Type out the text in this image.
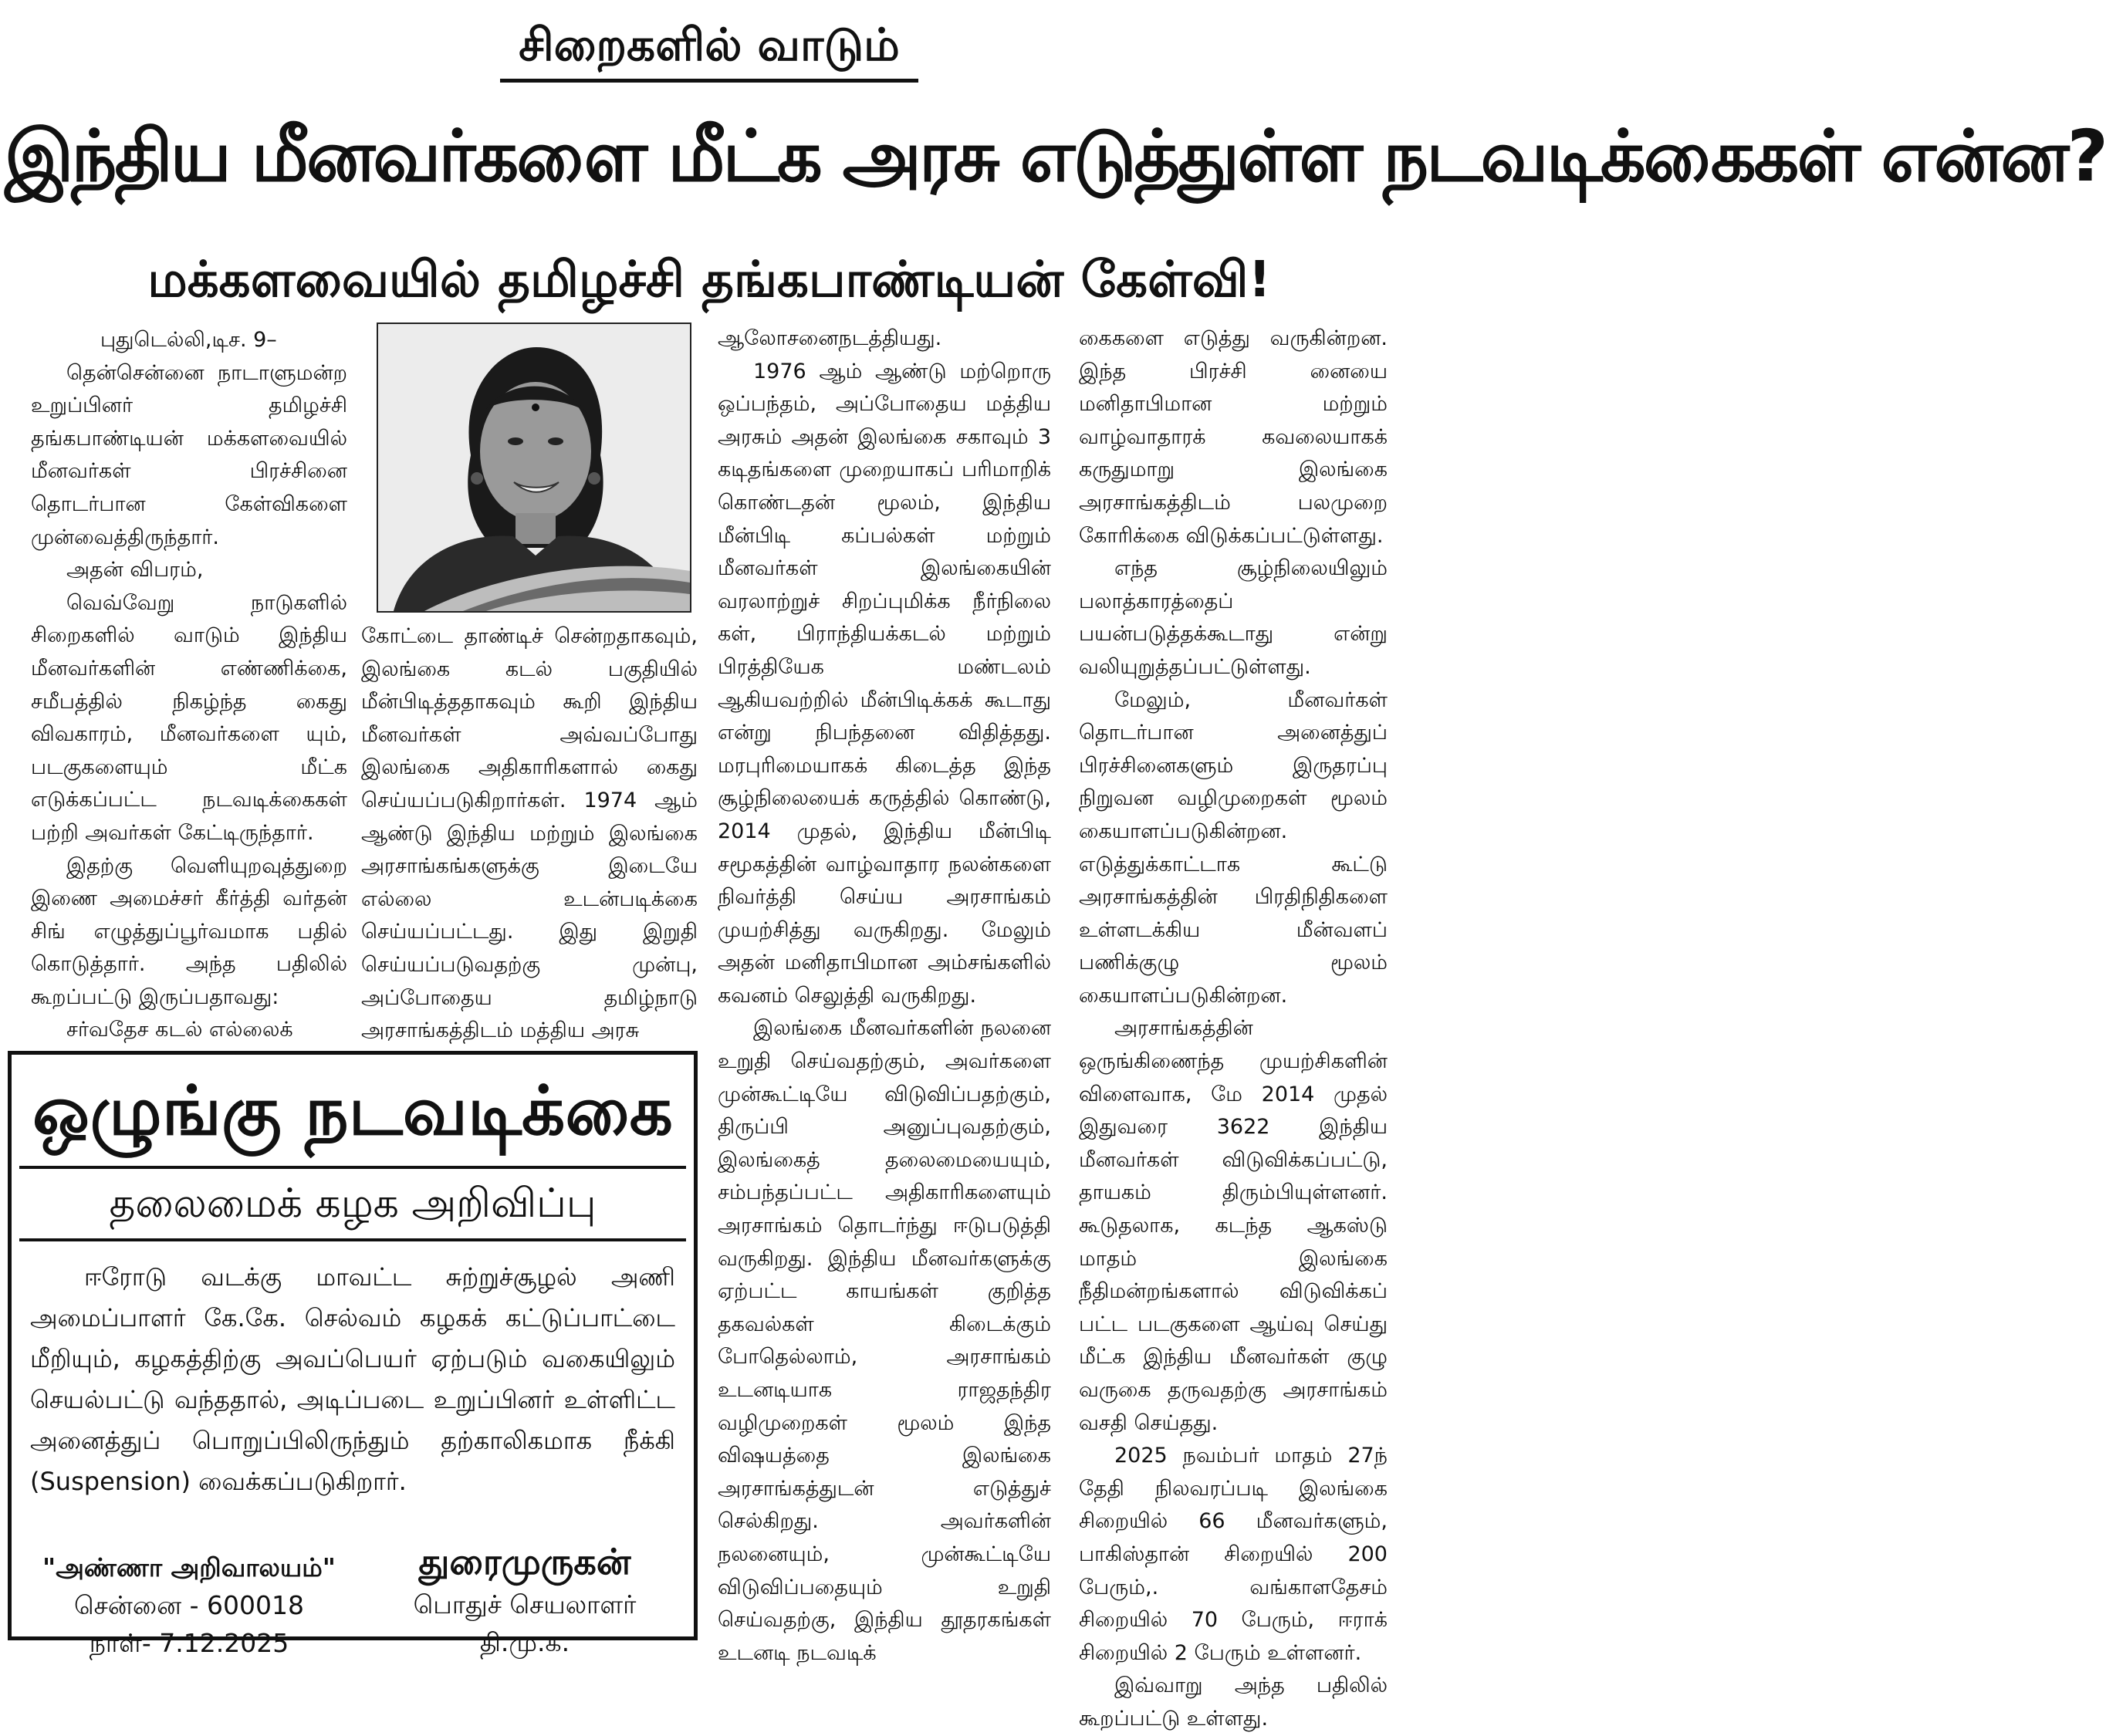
சிறைகளில் வாடும்
இந்திய மீனவர்களை மீட்க அரசு எடுத்துள்ள நடவடிக்கைகள் என்ன?
மக்களவையில் தமிழச்சி தங்கபாண்டியன் கேள்வி!

புதுடெல்லி,டிச. 9–

தென்சென்னை நாடாளுமன்ற உறுப்பினர் தமிழச்சி தங்கபாண்டியன் மக்களவையில் மீனவர்கள் பிரச்சினை தொடர்பான கேள்விகளை முன்வைத்திருந்தார்.

அதன் விபரம்,

வெவ்வேறு நாடுகளில் சிறைகளில் வாடும் இந்திய மீனவர்களின் எண்ணிக்கை, சமீபத்தில் நிகழ்ந்த கைது விவகாரம், மீனவர்களை யும், படகுகளையும் மீட்க எடுக்கப்பட்ட நடவடிக்கைகள் பற்றி அவர்கள் கேட்டிருந்தார்.

இதற்கு வெளியுறவுத்துறை இணை அமைச்சர் கீர்த்தி வர்தன் சிங் எழுத்துப்பூர்வமாக பதில் கொடுத்தார். அந்த பதிலில் கூறப்பட்டு இருப்பதாவது:

சர்வதேச கடல் எல்லைக்

கோட்டை தாண்டிச் சென்றதாகவும், இலங்கை கடல் பகுதியில் மீன்பிடித்ததாகவும் கூறி இந்திய மீனவர்கள் அவ்வப்போது இலங்கை அதிகாரிகளால் கைது செய்யப்படுகிறார்கள். 1974 ஆம் ஆண்டு இந்திய மற்றும் இலங்கை அரசாங்கங்களுக்கு இடையே எல்லை உடன்படிக்கை செய்யப்பட்டது. இது இறுதி செய்யப்படுவதற்கு முன்பு, அப்போதைய தமிழ்நாடு அரசாங்கத்திடம் மத்திய அரசு

ஆலோசனைநடத்தியது.

1976 ஆம் ஆண்டு மற்றொரு ஒப்பந்தம், அப்போதைய மத்திய அரசும் அதன் இலங்கை சகாவும் 3 கடிதங்களை முறையாகப் பரிமாறிக் கொண்டதன் மூலம், இந்திய மீன்பிடி கப்பல்கள் மற்றும் மீனவர்கள் இலங்கையின் வரலாற்றுச் சிறப்புமிக்க நீர்நிலை கள், பிராந்தியக்கடல் மற்றும் பிரத்தியேக மண்டலம் ஆகியவற்றில் மீன்பிடிக்கக் கூடாது என்று நிபந்தனை விதித்தது. மரபுரிமையாகக் கிடைத்த இந்த சூழ்நிலையைக் கருத்தில் கொண்டு, 2014 முதல், இந்திய மீன்பிடி சமூகத்தின் வாழ்வாதார நலன்களை நிவர்த்தி செய்ய அரசாங்கம் முயற்சித்து வருகிறது. மேலும் அதன் மனிதாபிமான அம்சங்களில் கவனம் செலுத்தி வருகிறது.

இலங்கை மீனவர்களின் நலனை உறுதி செய்வதற்கும், அவர்களை முன்கூட்டியே விடுவிப்பதற்கும், திருப்பி அனுப்புவதற்கும், இலங்கைத் தலைமையையும், சம்பந்தப்பட்ட அதிகாரிகளையும் அரசாங்கம் தொடர்ந்து ஈடுபடுத்தி வருகிறது. இந்திய மீனவர்களுக்கு ஏற்பட்ட காயங்கள் குறித்த தகவல்கள் கிடைக்கும் போதெல்லாம், அரசாங்கம் உடனடியாக ராஜதந்திர வழிமுறைகள் மூலம் இந்த விஷயத்தை இலங்கை அரசாங்கத்துடன் எடுத்துச் செல்கிறது. அவர்களின் நலனையும், முன்கூட்டியே விடுவிப்பதையும் உறுதி செய்வதற்கு, இந்திய தூதரகங்கள் உடனடி நடவடிக்

கைகளை எடுத்து வருகின்றன. இந்த பிரச்சி னையை மனிதாபிமான மற்றும் வாழ்வாதாரக் கவலையாகக் கருதுமாறு இலங்கை அரசாங்கத்திடம் பலமுறை கோரிக்கை விடுக்கப்பட்டுள்ளது.

எந்த சூழ்நிலையிலும் பலாத்காரத்தைப் பயன்படுத்தக்கூடாது என்று வலியுறுத்தப்பட்டுள்ளது.

மேலும், மீனவர்கள் தொடர்பான அனைத்துப் பிரச்சினைகளும் இருதரப்பு நிறுவன வழிமுறைகள் மூலம் கையாளப்படுகின்றன. எடுத்துக்காட்டாக கூட்டு அரசாங்கத்தின் பிரதிநிதிகளை உள்ளடக்கிய மீன்வளப் பணிக்குழு மூலம் கையாளப்படுகின்றன.

அரசாங்கத்தின் ஒருங்கிணைந்த முயற்சிகளின் விளைவாக, மே 2014 முதல் இதுவரை 3622 இந்திய மீனவர்கள் விடுவிக்கப்பட்டு, தாயகம் திரும்பியுள்ளனர். கூடுதலாக, கடந்த ஆகஸ்டு மாதம் இலங்கை நீதிமன்றங்களால் விடுவிக்கப் பட்ட படகுகளை ஆய்வு செய்து மீட்க இந்திய மீனவர்கள் குழு வருகை தருவதற்கு அரசாங்கம் வசதி செய்தது.

2025 நவம்பர் மாதம் 27ந் தேதி நிலவரப்படி இலங்கை சிறையில் 66 மீனவர்களும், பாகிஸ்தான் சிறையில் 200 பேரும்,. வங்காளதேசம் சிறையில் 70 பேரும், ஈராக் சிறையில் 2 பேரும் உள்ளனர்.

இவ்வாறு அந்த பதிலில் கூறப்பட்டு உள்ளது.

ஒழுங்கு நடவடிக்கை
தலைமைக் கழக அறிவிப்பு

ஈரோடு வடக்கு மாவட்ட சுற்றுச்சூழல் அணி அமைப்பாளர் கே.கே. செல்வம் கழகக் கட்டுப்பாட்டை மீறியும், கழகத்திற்கு அவப்பெயர் ஏற்படும் வகையிலும் செயல்பட்டு வந்ததால், அடிப்படை உறுப்பினர் உள்ளிட்ட அனைத்துப் பொறுப்பிலிருந்தும் தற்காலிகமாக நீக்கி (Suspension) வைக்கப்படுகிறார்.

"அண்ணா அறிவாலயம்"
சென்னை - 600018
நாள்- 7.12.2025
துரைமுருகன்
பொதுச் செயலாளர்
தி.மு.க.
